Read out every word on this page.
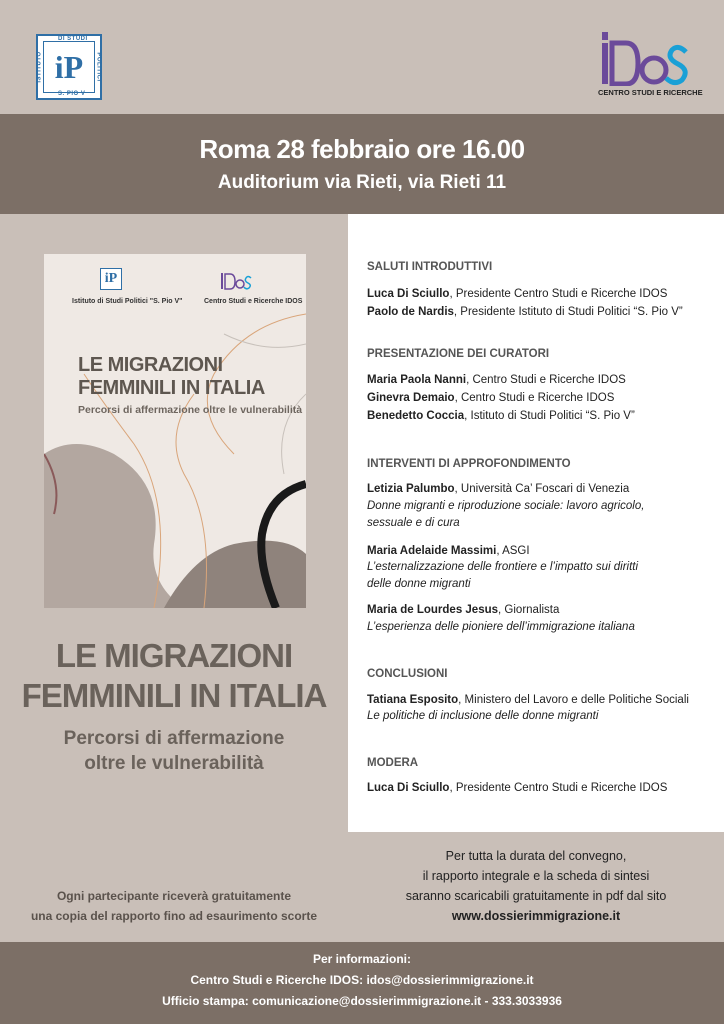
DI STUDI
ISTITUTO	POLITICI
S. PIO V
iP
CENTRO STUDI E RICERCHE
Roma 28 febbraio ore 16.00
Auditorium via Rieti, via Rieti 11
iP
Istituto di Studi Politici "S. Pio V"	Centro Studi e Ricerche IDOS
LE MIGRAZIONI
FEMMINILI IN ITALIA
Percorsi di affermazione oltre le vulnerabilità
LE MIGRAZIONI
FEMMINILI IN ITALIA
Percorsi di affermazione
oltre le vulnerabilità
SALUTI INTRODUTTIVI
Luca Di Sciullo, Presidente Centro Studi e Ricerche IDOS
Paolo de Nardis, Presidente Istituto di Studi Politici “S. Pio V”
PRESENTAZIONE DEI CURATORI
Maria Paola Nanni, Centro Studi e Ricerche IDOS
Ginevra Demaio, Centro Studi e Ricerche IDOS
Benedetto Coccia, Istituto di Studi Politici “S. Pio V”
INTERVENTI DI APPROFONDIMENTO
Letizia Palumbo, Università Ca’ Foscari di Venezia
Donne migranti e riproduzione sociale: lavoro agricolo,
sessuale e di cura
Maria Adelaide Massimi, ASGI
L’esternalizzazione delle frontiere e l’impatto sui diritti
delle donne migranti
Maria de Lourdes Jesus, Giornalista
L’esperienza delle pioniere dell’immigrazione italiana
CONCLUSIONI
Tatiana Esposito, Ministero del Lavoro e delle Politiche Sociali
Le politiche di inclusione delle donne migranti
MODERA
Luca Di Sciullo, Presidente Centro Studi e Ricerche IDOS
Ogni partecipante riceverà gratuitamente
una copia del rapporto fino ad esaurimento scorte
Per tutta la durata del convegno,
il rapporto integrale e la scheda di sintesi
saranno scaricabili gratuitamente in pdf dal sito
www.dossierimmigrazione.it
Per informazioni:
Centro Studi e Ricerche IDOS: idos@dossierimmigrazione.it
Ufficio stampa: comunicazione@dossierimmigrazione.it - 333.3033936
